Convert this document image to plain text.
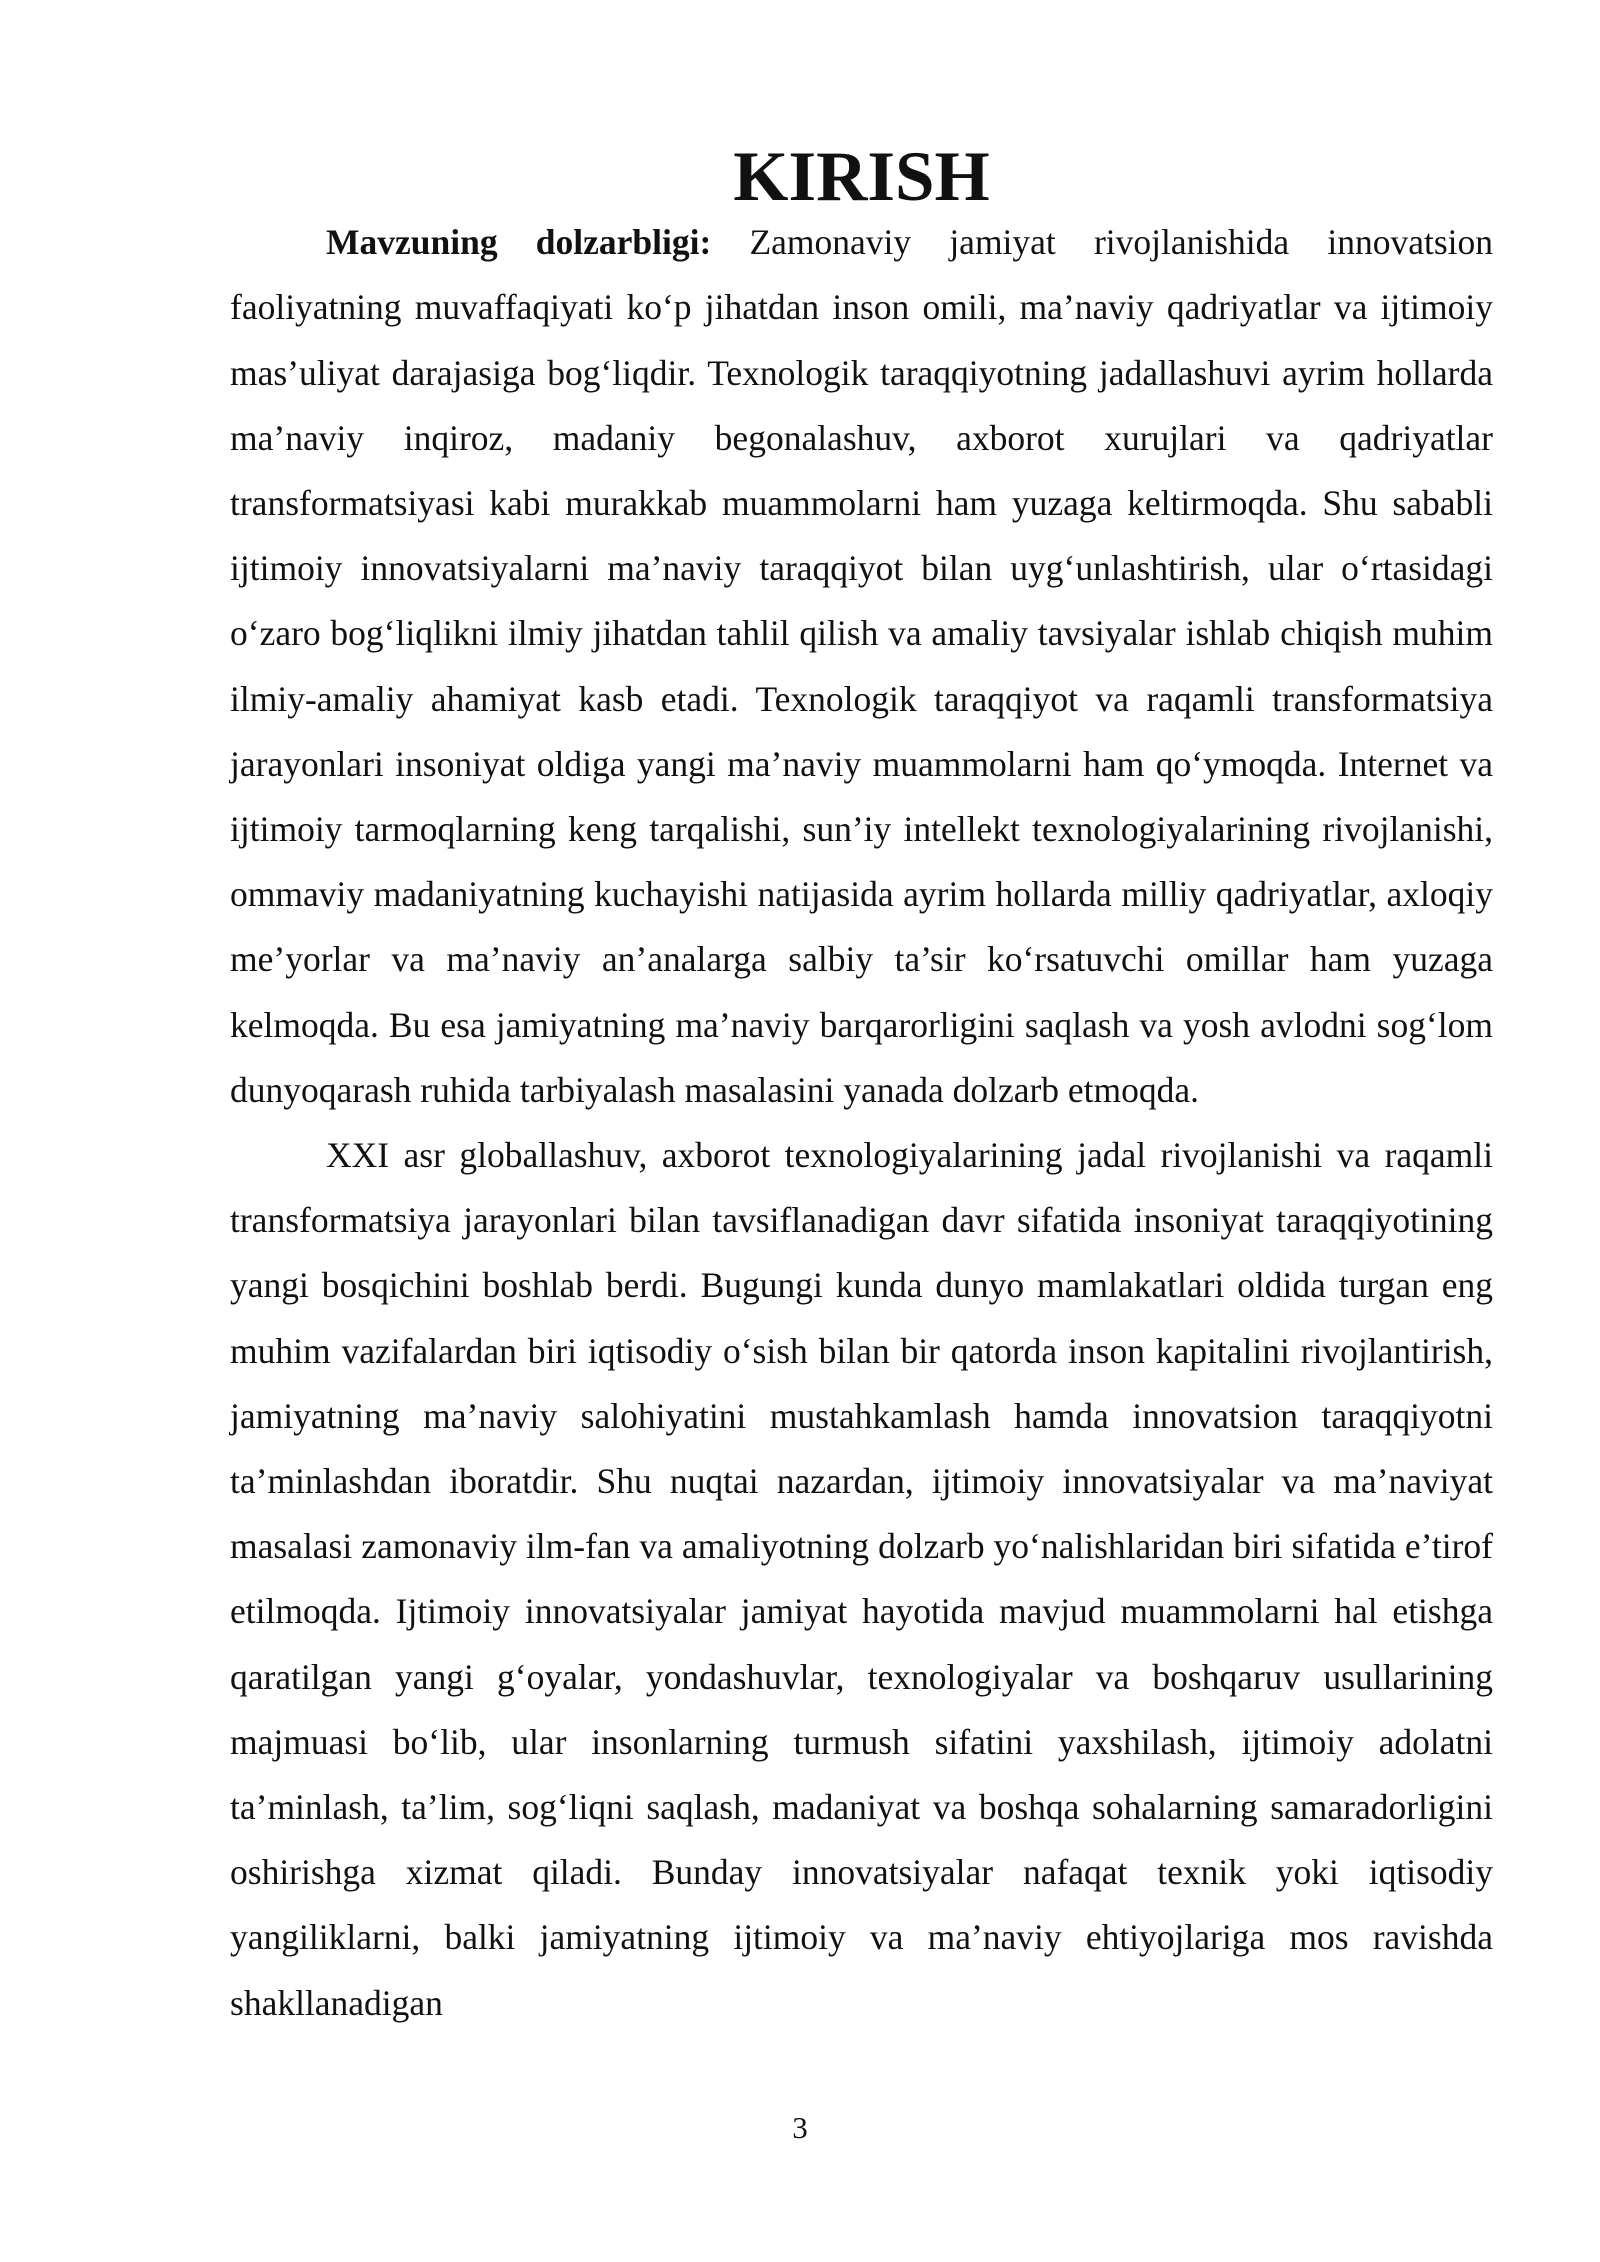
KIRISH

Mavzuning dolzarbligi: Zamonaviy jamiyat rivojlanishida innovatsion faoliyatning muvaffaqiyati ko‘p jihatdan inson omili, ma’naviy qadriyatlar va ijtimoiy mas’uliyat darajasiga bog‘liqdir. Texnologik taraqqiyotning jadallashuvi ayrim hollarda ma’naviy inqiroz, madaniy begonalashuv, axborot xurujlari va qadriyatlar transformatsiyasi kabi murakkab muammolarni ham yuzaga keltirmoqda. Shu sababli ijtimoiy innovatsiyalarni ma’naviy taraqqiyot bilan uyg‘unlashtirish, ular o‘rtasidagi o‘zaro bog‘liqlikni ilmiy jihatdan tahlil qilish va amaliy tavsiyalar ishlab chiqish muhim ilmiy-amaliy ahamiyat kasb etadi. Texnologik taraqqiyot va raqamli transformatsiya jarayonlari insoniyat oldiga yangi ma’naviy muammolarni ham qo‘ymoqda. Internet va ijtimoiy tarmoqlarning keng tarqalishi, sun’iy intellekt texnologiyalarining rivojlanishi, ommaviy madaniyatning kuchayishi natijasida ayrim hollarda milliy qadriyatlar, axloqiy me’yorlar va ma’naviy an’analarga salbiy ta’sir ko‘rsatuvchi omillar ham yuzaga kelmoqda. Bu esa jamiyatning ma’naviy barqarorligini saqlash va yosh avlodni sog‘lom dunyoqarash ruhida tarbiyalash masalasini yanada dolzarb etmoqda.

XXI asr globallashuv, axborot texnologiyalarining jadal rivojlanishi va raqamli transformatsiya jarayonlari bilan tavsiflanadigan davr sifatida insoniyat taraqqiyotining yangi bosqichini boshlab berdi. Bugungi kunda dunyo mamlakatlari oldida turgan eng muhim vazifalardan biri iqtisodiy o‘sish bilan bir qatorda inson kapitalini rivojlantirish, jamiyatning ma’naviy salohiyatini mustahkamlash hamda innovatsion taraqqiyotni ta’minlashdan iboratdir. Shu nuqtai nazardan, ijtimoiy innovatsiyalar va ma’naviyat masalasi zamonaviy ilm-fan va amaliyotning dolzarb yo‘nalishlaridan biri sifatida e’tirof etilmoqda. Ijtimoiy innovatsiyalar jamiyat hayotida mavjud muammolarni hal etishga qaratilgan yangi g‘oyalar, yondashuvlar, texnologiyalar va boshqaruv usullarining majmuasi bo‘lib, ular insonlarning turmush sifatini yaxshilash, ijtimoiy adolatni ta’minlash, ta’lim, sog‘liqni saqlash, madaniyat va boshqa sohalarning samaradorligini oshirishga xizmat qiladi. Bunday innovatsiyalar nafaqat texnik yoki iqtisodiy yangiliklarni, balki jamiyatning ijtimoiy va ma’naviy ehtiyojlariga mos ravishda shakllanadigan

3
